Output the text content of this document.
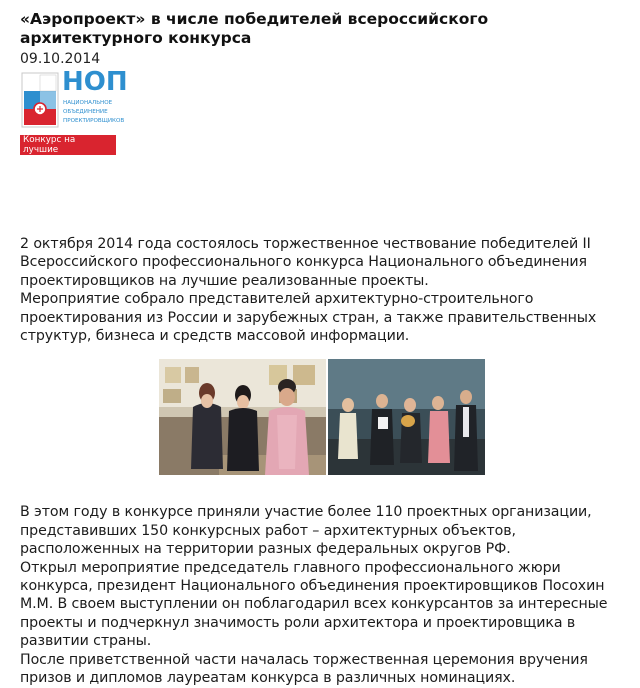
«Аэропроект» в числе победителей всероссийского архитектурного конкурса
09.10.2014
НОП
НАЦИОНАЛЬНОЕ
ОБЪЕДИНЕНИЕ
ПРОЕКТИРОВЩИКОВ
Конкурс на лучшие реализованные проекты

2 октября 2014 года состоялось торжественное чествование победителей II Всероссийского профессионального конкурса Национального объединения проектировщиков на лучшие реализованные проекты.

Мероприятие собрало представителей архитектурно-строительного проектирования из России и зарубежных стран, а также правительственных структур, бизнеса и средств массовой информации.

В этом году в конкурсе приняли участие более 110 проектных организации, представивших 150 конкурсных работ – архитектурных объектов, расположенных на территории разных федеральных округов РФ.

Открыл мероприятие председатель главного профессионального жюри конкурса, президент Национального объединения проектировщиков Посохин М.М. В своем выступлении он поблагодарил всех конкурсантов за интересные проекты и подчеркнул значимость роли архитектора и проектировщика в развитии страны.

После приветственной части началась торжественная церемония вручения призов и дипломов лауреатам конкурса в различных номинациях.
